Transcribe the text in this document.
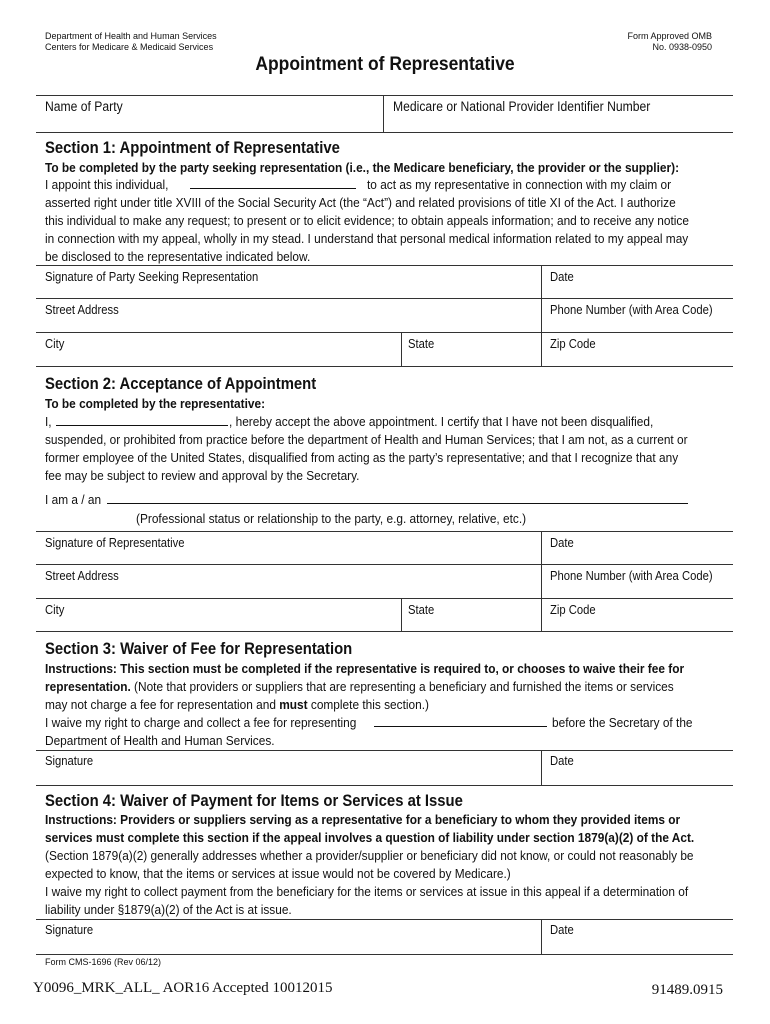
Department of Health and Human Services
Centers for Medicare & Medicaid Services
Form Approved OMB
No. 0938-0950
Appointment of Representative
Name of Party	Medicare or National Provider Identifier Number
Section 1: Appointment of Representative
To be completed by the party seeking representation (i.e., the Medicare beneficiary, the provider or the supplier):
I appoint this individual,	to act as my representative in connection with my claim or
asserted right under title XVIII of the Social Security Act (the “Act”) and related provisions of title XI of the Act. I authorize
this individual to make any request; to present or to elicit evidence; to obtain appeals information; and to receive any notice
in connection with my appeal, wholly in my stead. I understand that personal medical information related to my appeal may
be disclosed to the representative indicated below.
Signature of Party Seeking Representation	Date
Street Address	Phone Number (with Area Code)
City	State	Zip Code
Section 2: Acceptance of Appointment
To be completed by the representative:
I,	, hereby accept the above appointment. I certify that I have not been disqualified,
suspended, or prohibited from practice before the department of Health and Human Services; that I am not, as a current or
former employee of the United States, disqualified from acting as the party’s representative; and that I recognize that any
fee may be subject to review and approval by the Secretary.
I am a / an
(Professional status or relationship to the party, e.g. attorney, relative, etc.)
Signature of Representative	Date
Street Address	Phone Number (with Area Code)
City	State	Zip Code
Section 3: Waiver of Fee for Representation
Instructions: This section must be completed if the representative is required to, or chooses to waive their fee for
representation. (Note that providers or suppliers that are representing a beneficiary and furnished the items or services
may not charge a fee for representation and must complete this section.)
I waive my right to charge and collect a fee for representing	before the Secretary of the
Department of Health and Human Services.
Signature	Date
Section 4: Waiver of Payment for Items or Services at Issue
Instructions: Providers or suppliers serving as a representative for a beneficiary to whom they provided items or
services must complete this section if the appeal involves a question of liability under section 1879(a)(2) of the Act.
(Section 1879(a)(2) generally addresses whether a provider/supplier or beneficiary did not know, or could not reasonably be
expected to know, that the items or services at issue would not be covered by Medicare.)
I waive my right to collect payment from the beneficiary for the items or services at issue in this appeal if a determination of
liability under §1879(a)(2) of the Act is at issue.
Signature	Date
Form CMS-1696 (Rev 06/12)
Y0096_MRK_ALL_ AOR16 Accepted 10012015	91489.0915
